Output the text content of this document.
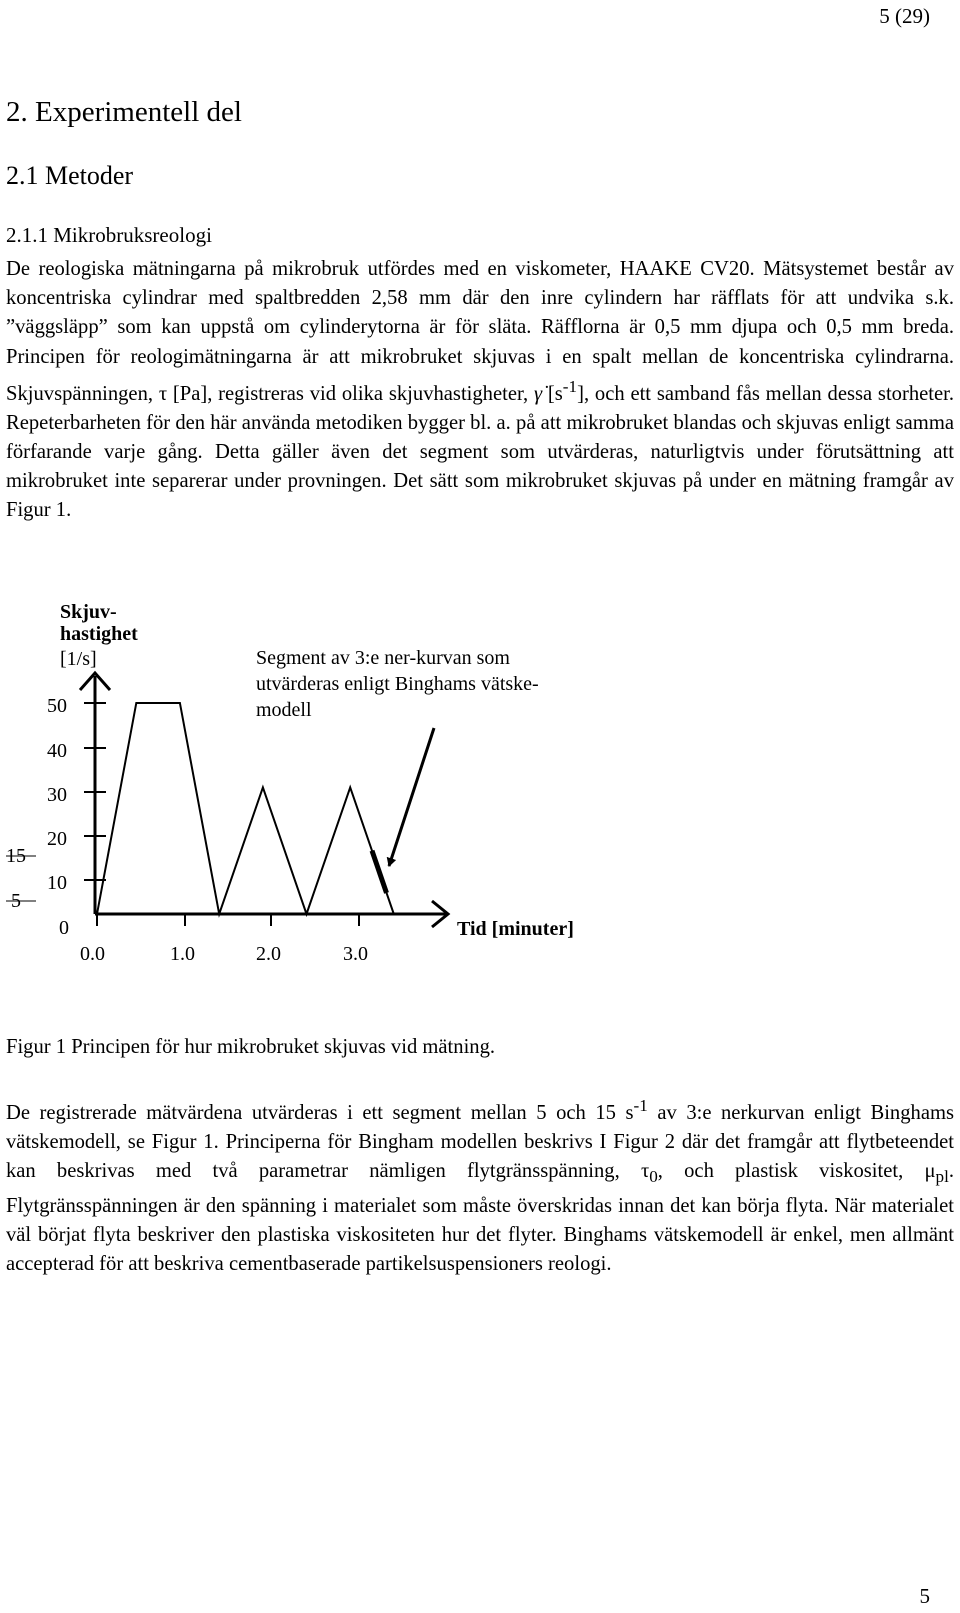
5 (29)
2. Experimentell del
2.1 Metoder
2.1.1 Mikrobruksreologi

De reologiska mätningarna på mikrobruk utfördes med en viskometer, HAAKE CV20. Mätsystemet består av koncentriska cylindrar med spaltbredden 2,58 mm där den inre cylindern har räfflats för att undvika s.k. ”väggsläpp” som kan uppstå om cylinderytorna är för släta. Räfflorna är 0,5 mm djupa och 0,5 mm breda. Principen för reologimätningarna är att mikrobruket skjuvas i en spalt mellan de koncentriska cylindrarna. Skjuvspänningen, τ [Pa], registreras vid olika skjuvhastigheter, γ̇ $[s^{-1}]$, och ett samband fås mellan dessa storheter. Repeterbarheten för den här använda metodiken bygger bl. a. på att mikrobruket blandas och skjuvas enligt samma förfarande varje gång. Detta gäller även det segment som utvärderas, naturligtvis under förutsättning att mikrobruket inte separerar under provningen. Det sätt som mikrobruket skjuvas på under en mätning framgår av Figur 1.

Skjuv-
hastighet
[1/s]
50
40
30
20
10
0
15
5
0.0	1.0	2.0	3.0
Tid [minuter]
Segment av 3:e ner-kurvan som
utvärderas enligt Binghams vätske-
modell

Figur 1 Principen för hur mikrobruket skjuvas vid mätning.

De registrerade mätvärdena utvärderas i ett segment mellan 5 och 15 $s^{-1}$ av 3:e nerkurvan enligt Binghams vätskemodell, se Figur 1. Principerna för Bingham modellen beskrivs I Figur 2 där det framgår att flytbeteendet kan beskrivas med två parametrar nämligen flytgränsspänning, $\tau_0$, och plastisk viskositet, $\mu_{pl}$. Flytgränsspänningen är den spänning i materialet som måste överskridas innan det kan börja flyta. När materialet väl börjat flyta beskriver den plastiska viskositeten hur det flyter. Binghams vätskemodell är enkel, men allmänt accepterad för att beskriva cementbaserade partikelsuspensioners reologi.

5
